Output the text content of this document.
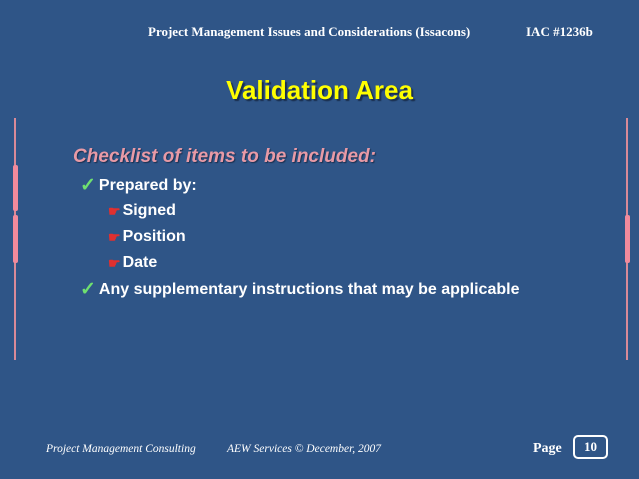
Project Management Issues and Considerations (Issacons)	IAC #1236b
Validation Area
Checklist of items to be included:
✓ Prepared by:
☛ Signed
☛ Position
☛ Date
✓ Any supplementary instructions that may be applicable
Project Management Consulting	AEW Services © December, 2007	Page	10
